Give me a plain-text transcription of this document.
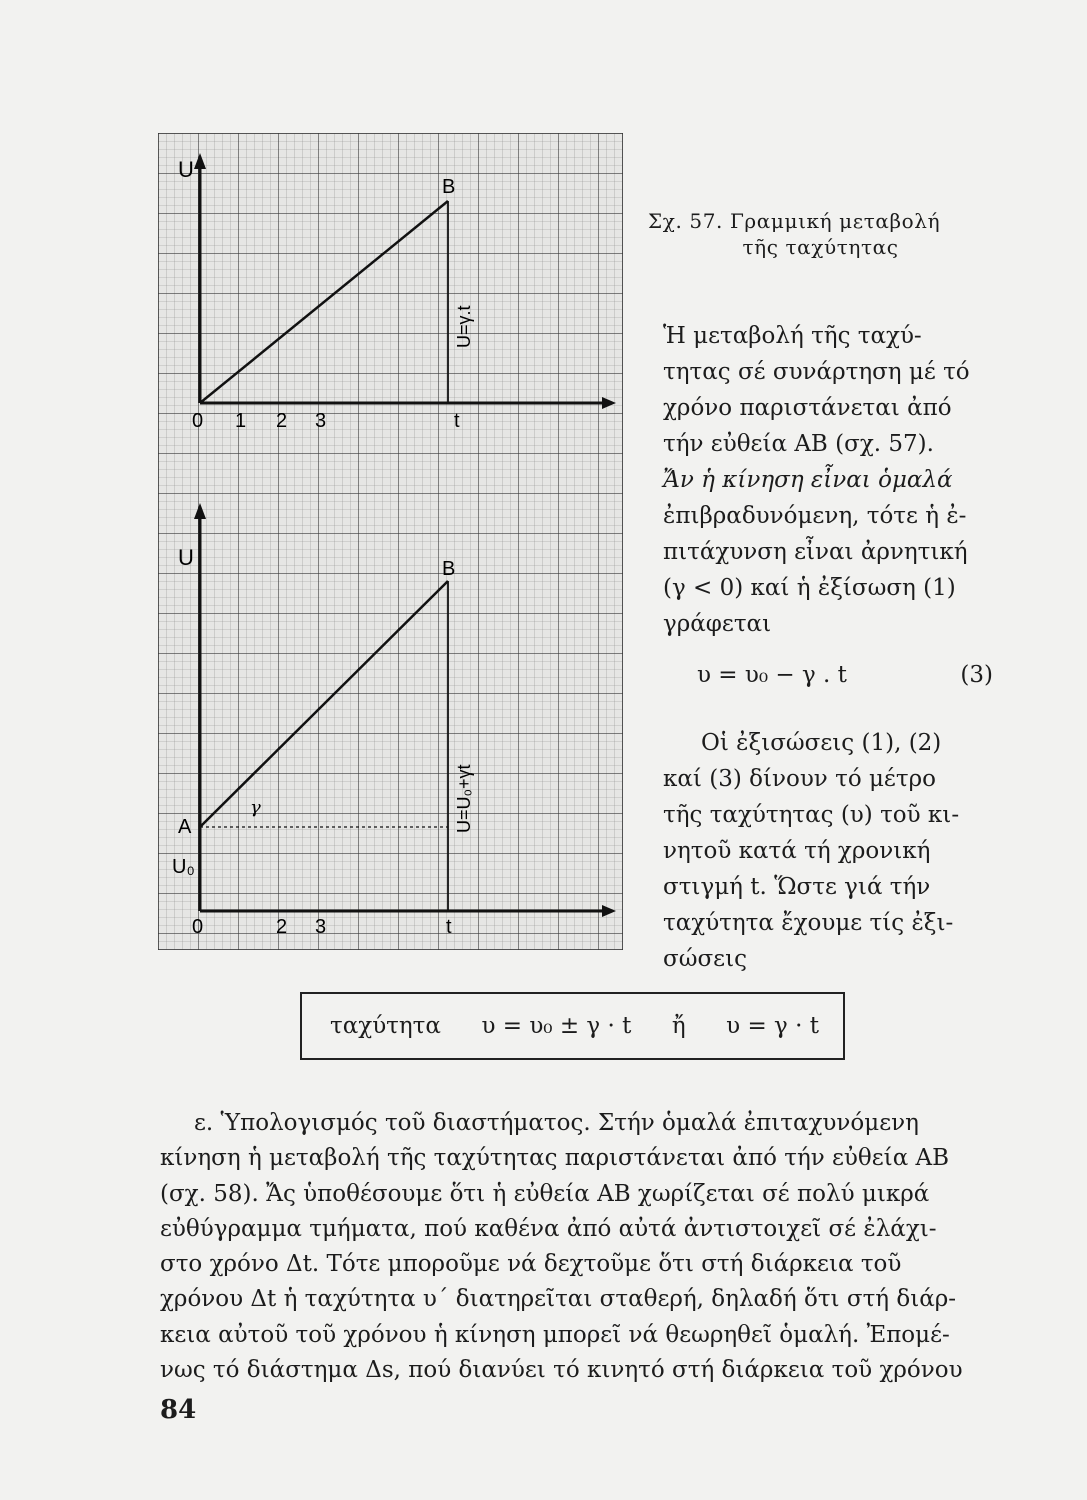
U
B
0 1 2 3	t
U=γ.t
U	B
A
U₀
γ
0	2 3	t
U=U₀+γt
Σχ. 57. Γραμμική μεταβολή
τῆς ταχύτητας

Ἡ μεταβολή τῆς ταχύ-

τητας σέ συνάρτηση μέ τό

χρόνο παριστάνεται ἀπό

τήν εὐθεία ΑΒ (σχ. 57).

Ἄν ἡ κίνηση εἶναι ὁμαλά

ἐπιβραδυνόμενη, τότε ἡ ἐ-

πιτάχυνση εἶναι ἀρνητική

(γ < 0) καί ἡ ἐξίσωση (1)

γράφεται

υ = υ₀ − γ . t	(3)

Οἱ ἐξισώσεις (1), (2)

καί (3) δίνουν τό μέτρο

τῆς ταχύτητας (υ) τοῦ κι-

νητοῦ κατά τή χρονική

στιγμή t. Ὥστε γιά τήν

ταχύτητα ἔχουμε τίς ἐξι-

σώσεις

ταχύτητα υ = υ₀ ± γ · t ἤ υ = γ · t

ε. Ὑπολογισμός τοῦ διαστήματος. Στήν ὁμαλά ἐπιταχυνόμενη

κίνηση ἡ μεταβολή τῆς ταχύτητας παριστάνεται ἀπό τήν εὐθεία ΑΒ

(σχ. 58). Ἄς ὑποθέσουμε ὅτι ἡ εὐθεία ΑΒ χωρίζεται σέ πολύ μικρά

εὐθύγραμμα τμήματα, πού καθένα ἀπό αὐτά ἀντιστοιχεῖ σέ ἐλάχι-

στο χρόνο Δt. Τότε μποροῦμε νά δεχτοῦμε ὅτι στή διάρκεια τοῦ

χρόνου Δt ἡ ταχύτητα υ΄ διατηρεῖται σταθερή, δηλαδή ὅτι στή διάρ-

κεια αὐτοῦ τοῦ χρόνου ἡ κίνηση μπορεῖ νά θεωρηθεῖ ὁμαλή. Ἐπομέ-

νως τό διάστημα Δs, πού διανύει τό κινητό στή διάρκεια τοῦ χρόνου

84
